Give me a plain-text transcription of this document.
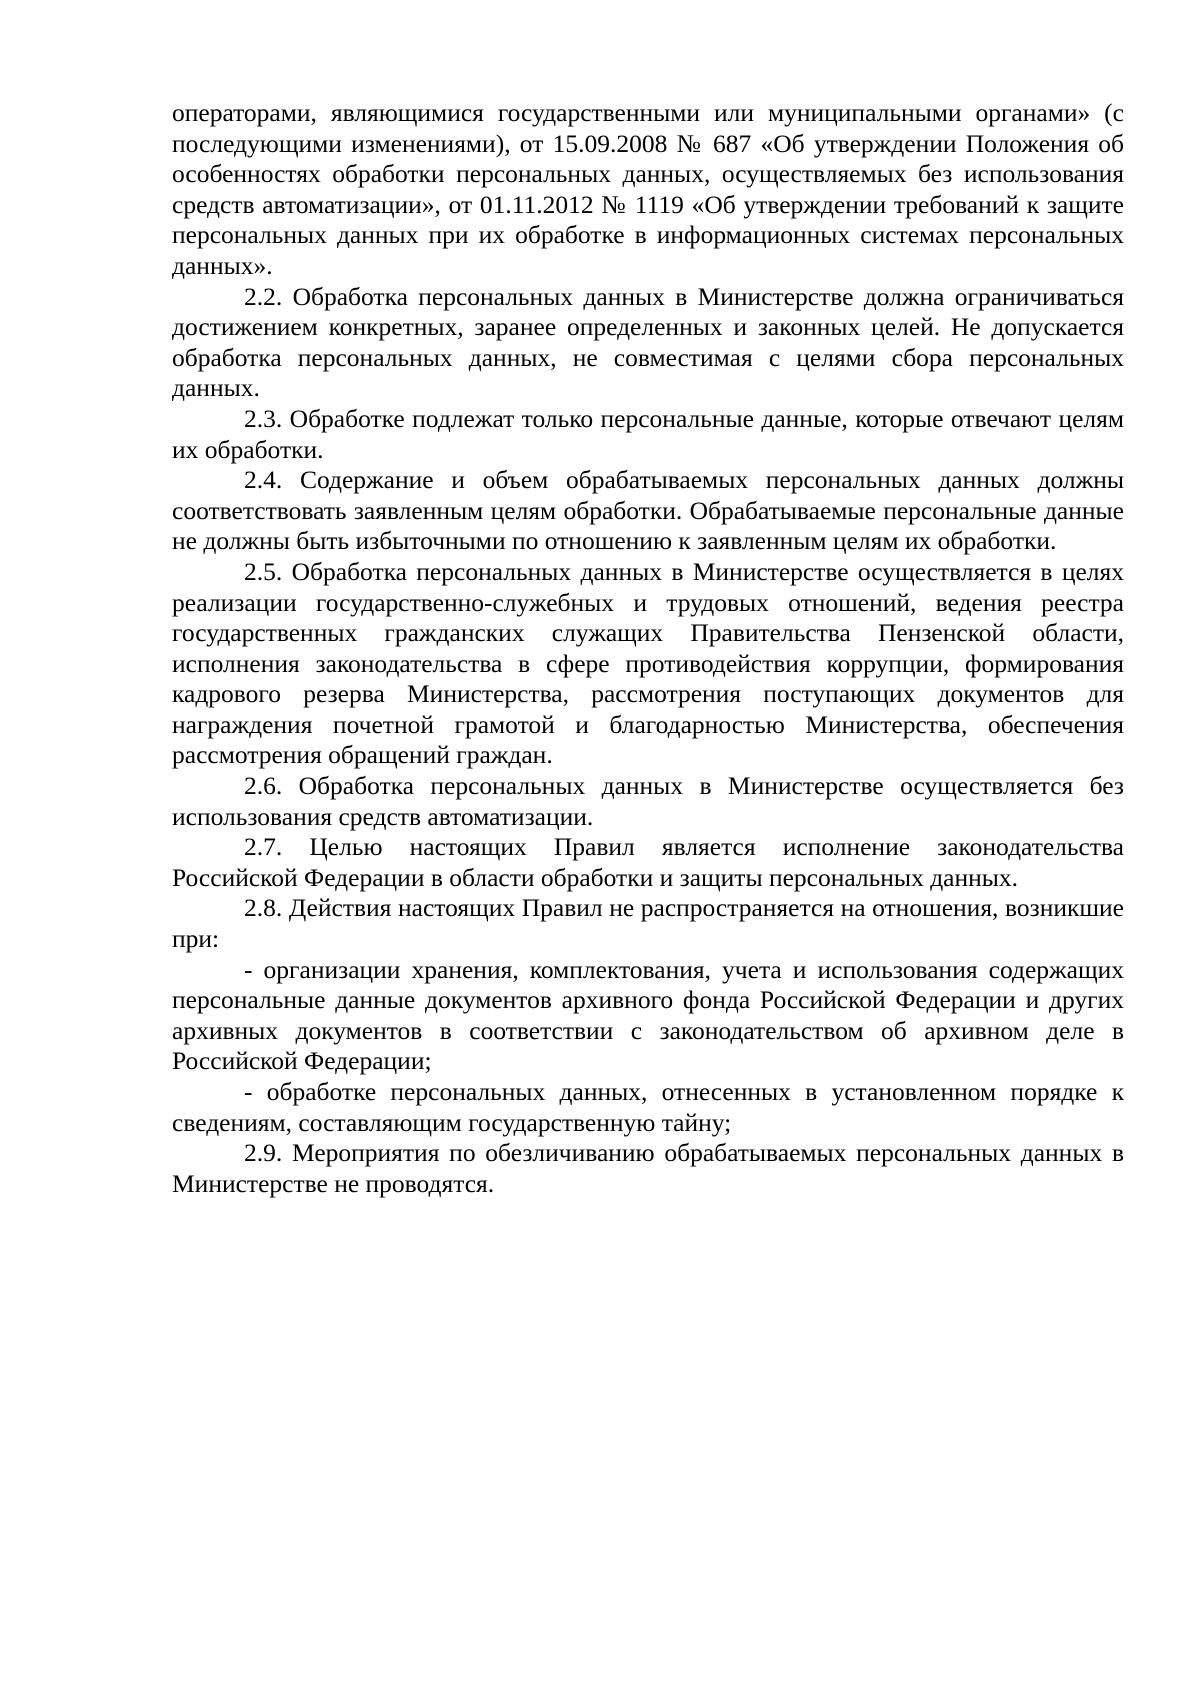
операторами, являющимися государственными или муниципальными органами» (с последующими изменениями), от 15.09.2008 № 687 «Об утверждении Положения об особенностях обработки персональных данных, осуществляемых без использования средств автоматизации», от 01.11.2012 № 1119 «Об утверждении требований к защите персональных данных при их обработке в информационных системах персональных данных».

2.2. Обработка персональных данных в Министерстве должна ограничиваться достижением конкретных, заранее определенных и законных целей. Не допускается обработка персональных данных, не совместимая с целями сбора персональных данных.

2.3. Обработке подлежат только персональные данные, которые отвечают целям их обработки.

2.4. Содержание и объем обрабатываемых персональных данных должны соответствовать заявленным целям обработки. Обрабатываемые персональные данные не должны быть избыточными по отношению к заявленным целям их обработки.

2.5. Обработка персональных данных в Министерстве осуществляется в целях реализации государственно-служебных и трудовых отношений, ведения реестра государственных гражданских служащих Правительства Пензенской области, исполнения законодательства в сфере противодействия коррупции, формирования кадрового резерва Министерства, рассмотрения поступающих документов для награждения почетной грамотой и благодарностью Министерства, обеспечения рассмотрения обращений граждан.

2.6. Обработка персональных данных в Министерстве осуществляется без использования средств автоматизации.

2.7. Целью настоящих Правил является исполнение законодательства Российской Федерации в области обработки и защиты персональных данных.

2.8. Действия настоящих Правил не распространяется на отношения, возникшие при:

- организации хранения, комплектования, учета и использования содержащих персональные данные документов архивного фонда Российской Федерации и других архивных документов в соответствии с законодательством об архивном деле в Российской Федерации;

- обработке персональных данных, отнесенных в установленном порядке к сведениям, составляющим государственную тайну;

2.9. Мероприятия по обезличиванию обрабатываемых персональных данных в Министерстве не проводятся.
